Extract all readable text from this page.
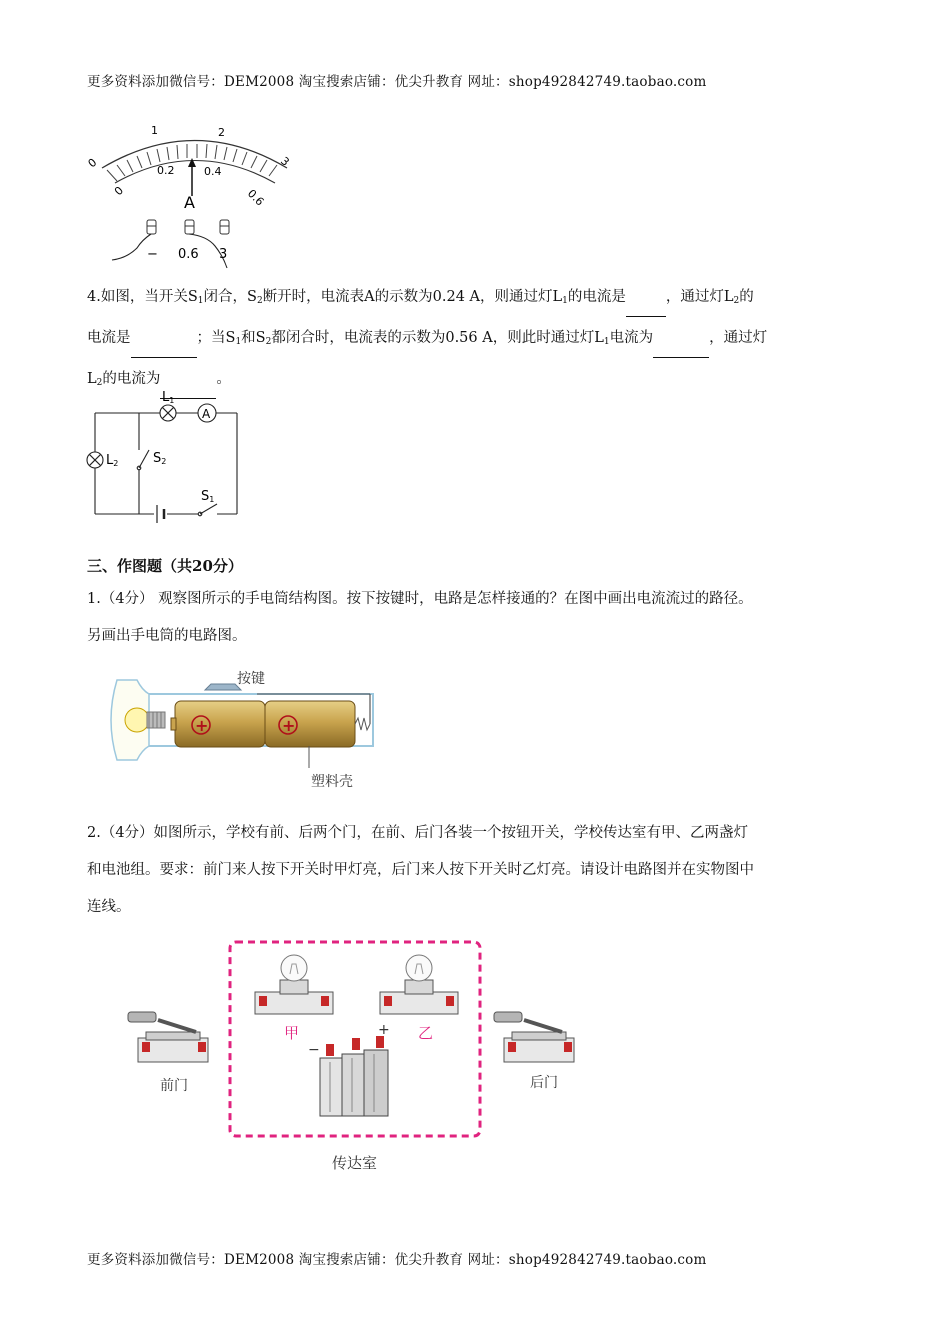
更多资料添加微信号：DEM2008 淘宝搜索店铺：优尖升教育 网址：shop492842749.taobao.com
0
1	2
3
0
0.2	0.4
0.6
A
− 0.6 3
4.如图，当开关$S_1$闭合，$S_2$断开时，电流表A的示数为0.24 A，则通过灯$L_1$的电流是	，通过灯$L_2$的
电流是	；当$S_1$和$S_2$都闭合时，电流表的示数为0.56 A，则此时通过灯$L_1$电流为	，通过灯
$L_2$的电流为	。
A
L1
L2	S2
S1
三、作图题（共20分）
1.（4分） 观察图所示的手电筒结构图。按下按键时，电路是怎样接通的？在图中画出电流流过的路径。
另画出手电筒的电路图。
+	+
按键
塑料壳
2.（4分）如图所示，学校有前、后两个门，在前、后门各装一个按钮开关，学校传达室有甲、乙两盏灯
和电池组。要求：前门来人按下开关时甲灯亮，后门来人按下开关时乙灯亮。请设计电路图并在实物图中
连线。
前门	后门
甲	乙
−
+
传达室
更多资料添加微信号：DEM2008 淘宝搜索店铺：优尖升教育 网址：shop492842749.taobao.com
